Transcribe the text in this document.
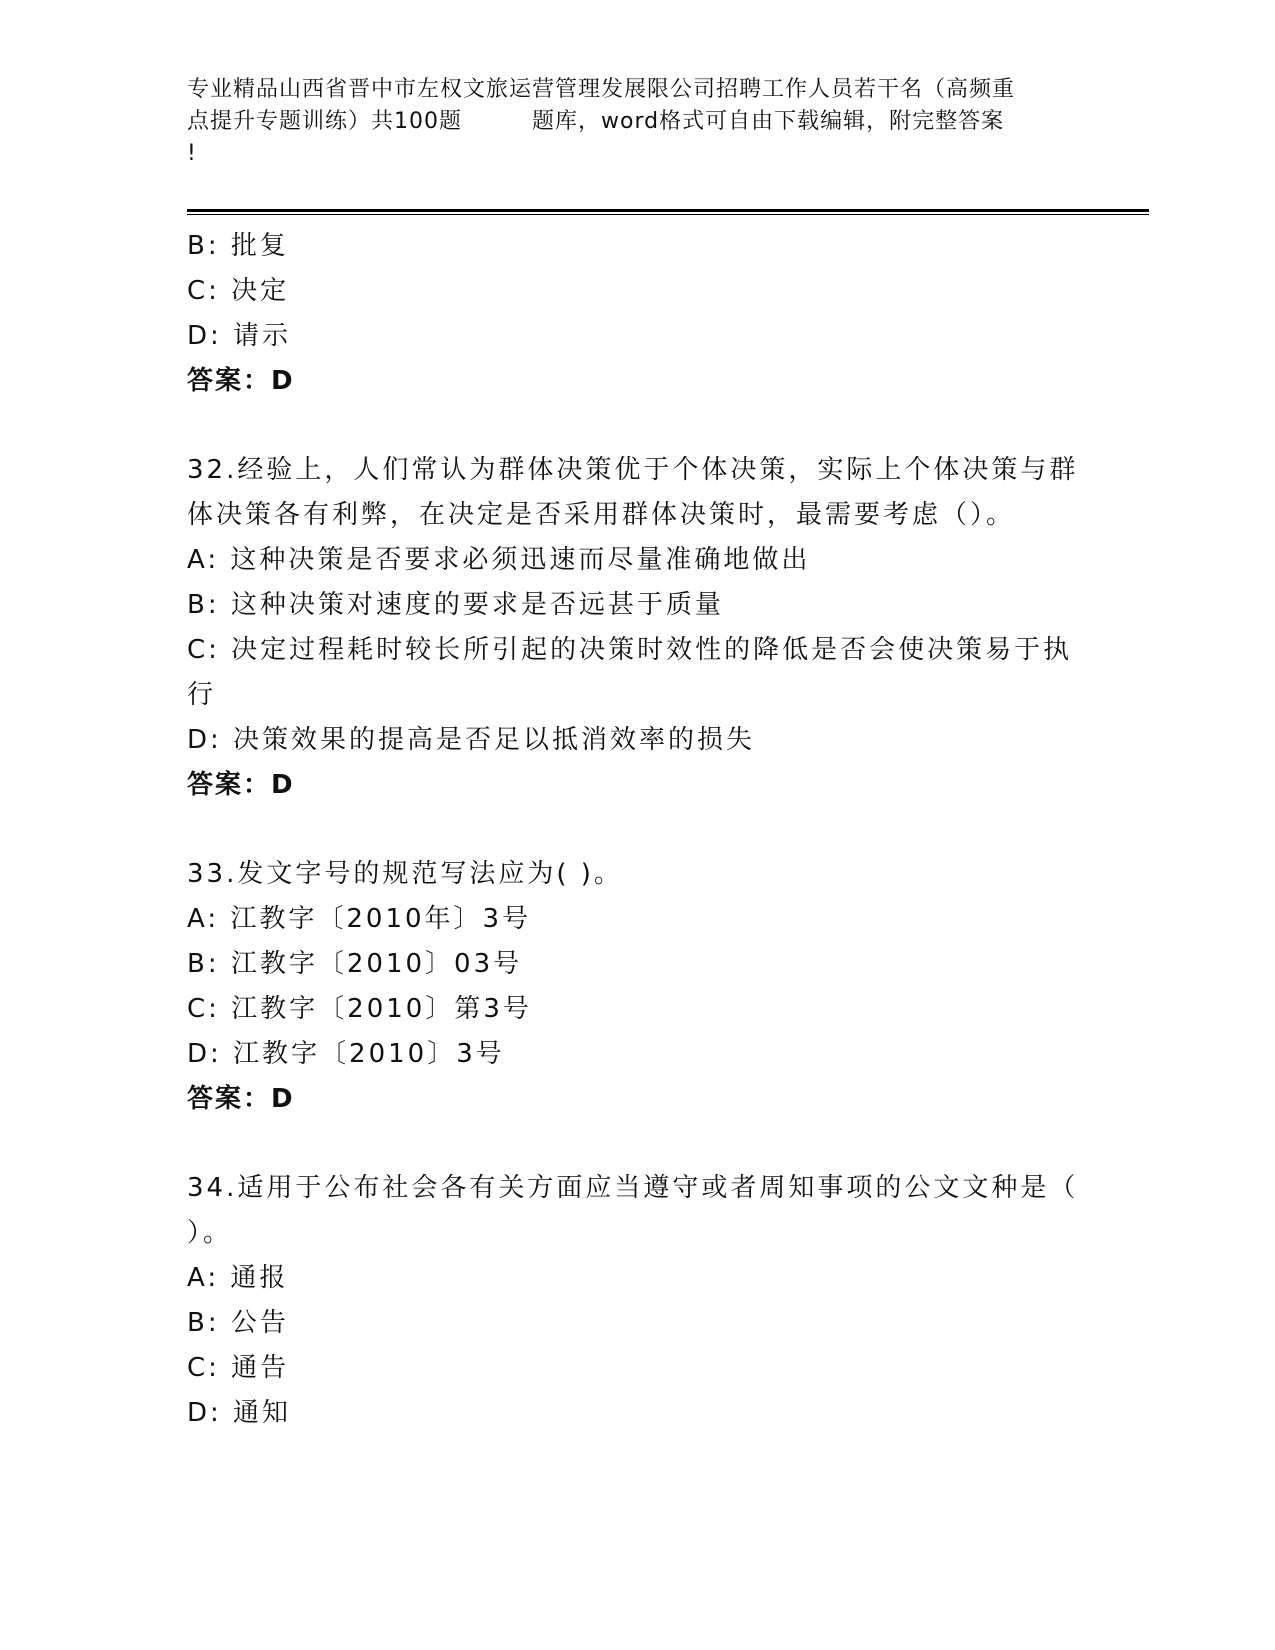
专业精品山西省晋中市左权文旅运营管理发展限公司招聘工作人员若干名（高频重
点提升专题训练）共100题	题库，word格式可自由下载编辑，附完整答案
!
B: 批复
C: 决定
D: 请示
答案：D
32.经验上，人们常认为群体决策优于个体决策，实际上个体决策与群
体决策各有利弊，在决定是否采用群体决策时，最需要考虑（）。
A: 这种决策是否要求必须迅速而尽量准确地做出
B: 这种决策对速度的要求是否远甚于质量
C: 决定过程耗时较长所引起的决策时效性的降低是否会使决策易于执
行
D: 决策效果的提高是否足以抵消效率的损失
答案：D
33.发文字号的规范写法应为( )。
A: 江教字〔2010年〕3号
B: 江教字〔2010〕03号
C: 江教字〔2010〕第3号
D: 江教字〔2010〕3号
答案：D
34.适用于公布社会各有关方面应当遵守或者周知事项的公文文种是（
）。
A: 通报
B: 公告
C: 通告
D: 通知
